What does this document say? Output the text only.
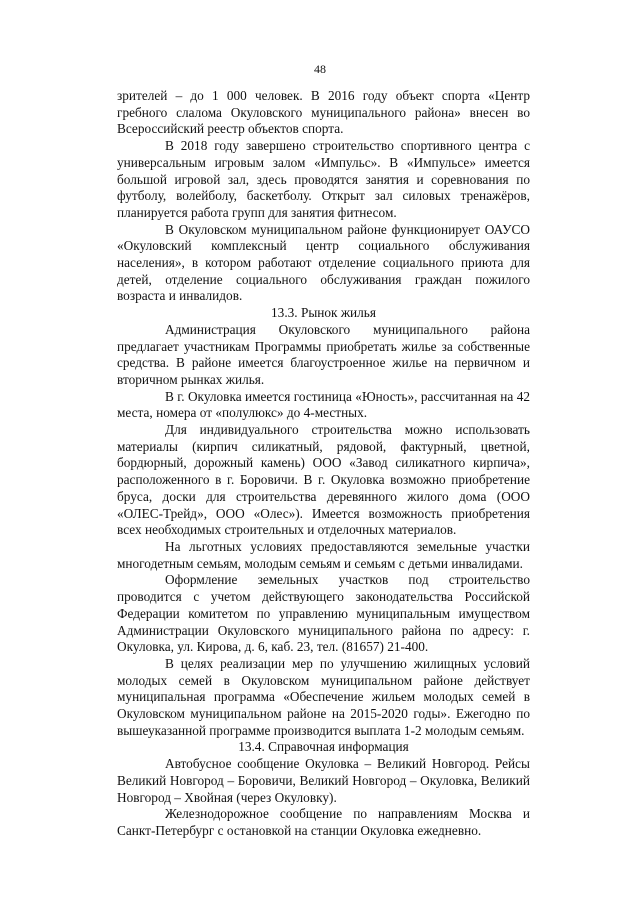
48

зрителей – до 1 000 человек. В 2016 году объект спорта «Центр гребного слалома Окуловского муниципального района» внесен во Всероссийский реестр объектов спорта.

В 2018 году завершено строительство спортивного центра с универсальным игровым залом «Импульс». В «Импульсе» имеется большой игровой зал, здесь проводятся занятия и соревнования по футболу, волейболу, баскетболу. Открыт зал силовых тренажёров, планируется работа групп для занятия фитнесом.

В Окуловском муниципальном районе функционирует ОАУСО «Окуловский комплексный центр социального обслуживания населения», в котором работают отделение социального приюта для детей, отделение социального обслуживания граждан пожилого возраста и инвалидов.

13.3. Рынок жилья

Администрация Окуловского муниципального района предлагает участникам Программы приобретать жилье за собственные средства. В районе имеется благоустроенное жилье на первичном и вторичном рынках жилья.

В г. Окуловка имеется гостиница «Юность», рассчитанная на 42 места, номера от «полулюкс» до 4-местных.

Для индивидуального строительства можно использовать материалы (кирпич силикатный, рядовой, фактурный, цветной, бордюрный, дорожный камень) ООО «Завод силикатного кирпича», расположенного в г. Боровичи. В г. Окуловка возможно приобретение бруса, доски для строительства деревянного жилого дома (ООО «ОЛЕС-Трейд», ООО «Олес»). Имеется возможность приобретения всех необходимых строительных и отделочных материалов.

На льготных условиях предоставляются земельные участки многодетным семьям, молодым семьям и семьям с детьми инвалидами.

Оформление земельных участков под строительство проводится с учетом действующего законодательства Российской Федерации комитетом по управлению муниципальным имуществом Администрации Окуловского муниципального района по адресу: г. Окуловка, ул. Кирова, д. 6, каб. 23, тел. (81657) 21-400.

В целях реализации мер по улучшению жилищных условий молодых семей в Окуловском муниципальном районе действует муниципальная программа «Обеспечение жильем молодых семей в Окуловском муниципальном районе на 2015-2020 годы». Ежегодно по вышеуказанной программе производится выплата 1-2 молодым семьям.

13.4. Справочная информация

Автобусное сообщение Окуловка – Великий Новгород. Рейсы Великий Новгород – Боровичи, Великий Новгород – Окуловка, Великий Новгород – Хвойная (через Окуловку).

Железнодорожное сообщение по направлениям Москва и Санкт-Петербург с остановкой на станции Окуловка ежедневно.
